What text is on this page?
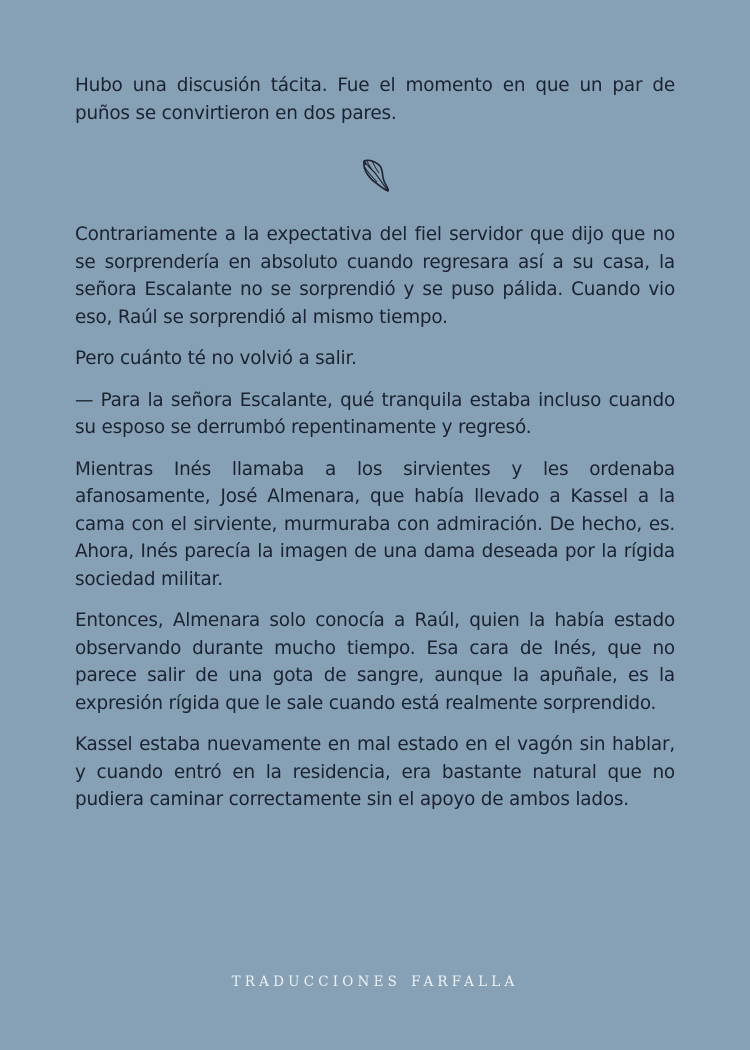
Hubo una discusión tácita. Fue el momento en que un par de puños se convirtieron en dos pares.

Contrariamente a la expectativa del fiel servidor que dijo que no se sorprendería en absoluto cuando regresara así a su casa, la señora Escalante no se sorprendió y se puso pálida. Cuando vio eso, Raúl se sorprendió al mismo tiempo.

Pero cuánto té no volvió a salir.

— Para la señora Escalante, qué tranquila estaba incluso cuando su esposo se derrumbó repentinamente y regresó.

Mientras Inés llamaba a los sirvientes y les ordenaba afanosamente, José Almenara, que había llevado a Kassel a la cama con el sirviente, murmuraba con admiración. De hecho, es. Ahora, Inés parecía la imagen de una dama deseada por la rígida sociedad militar.

Entonces, Almenara solo conocía a Raúl, quien la había estado observando durante mucho tiempo. Esa cara de Inés, que no parece salir de una gota de sangre, aunque la apuñale, es la expresión rígida que le sale cuando está realmente sorprendido.

Kassel estaba nuevamente en mal estado en el vagón sin hablar, y cuando entró en la residencia, era bastante natural que no pudiera caminar correctamente sin el apoyo de ambos lados.

TRADUCCIONES FARFALLA
